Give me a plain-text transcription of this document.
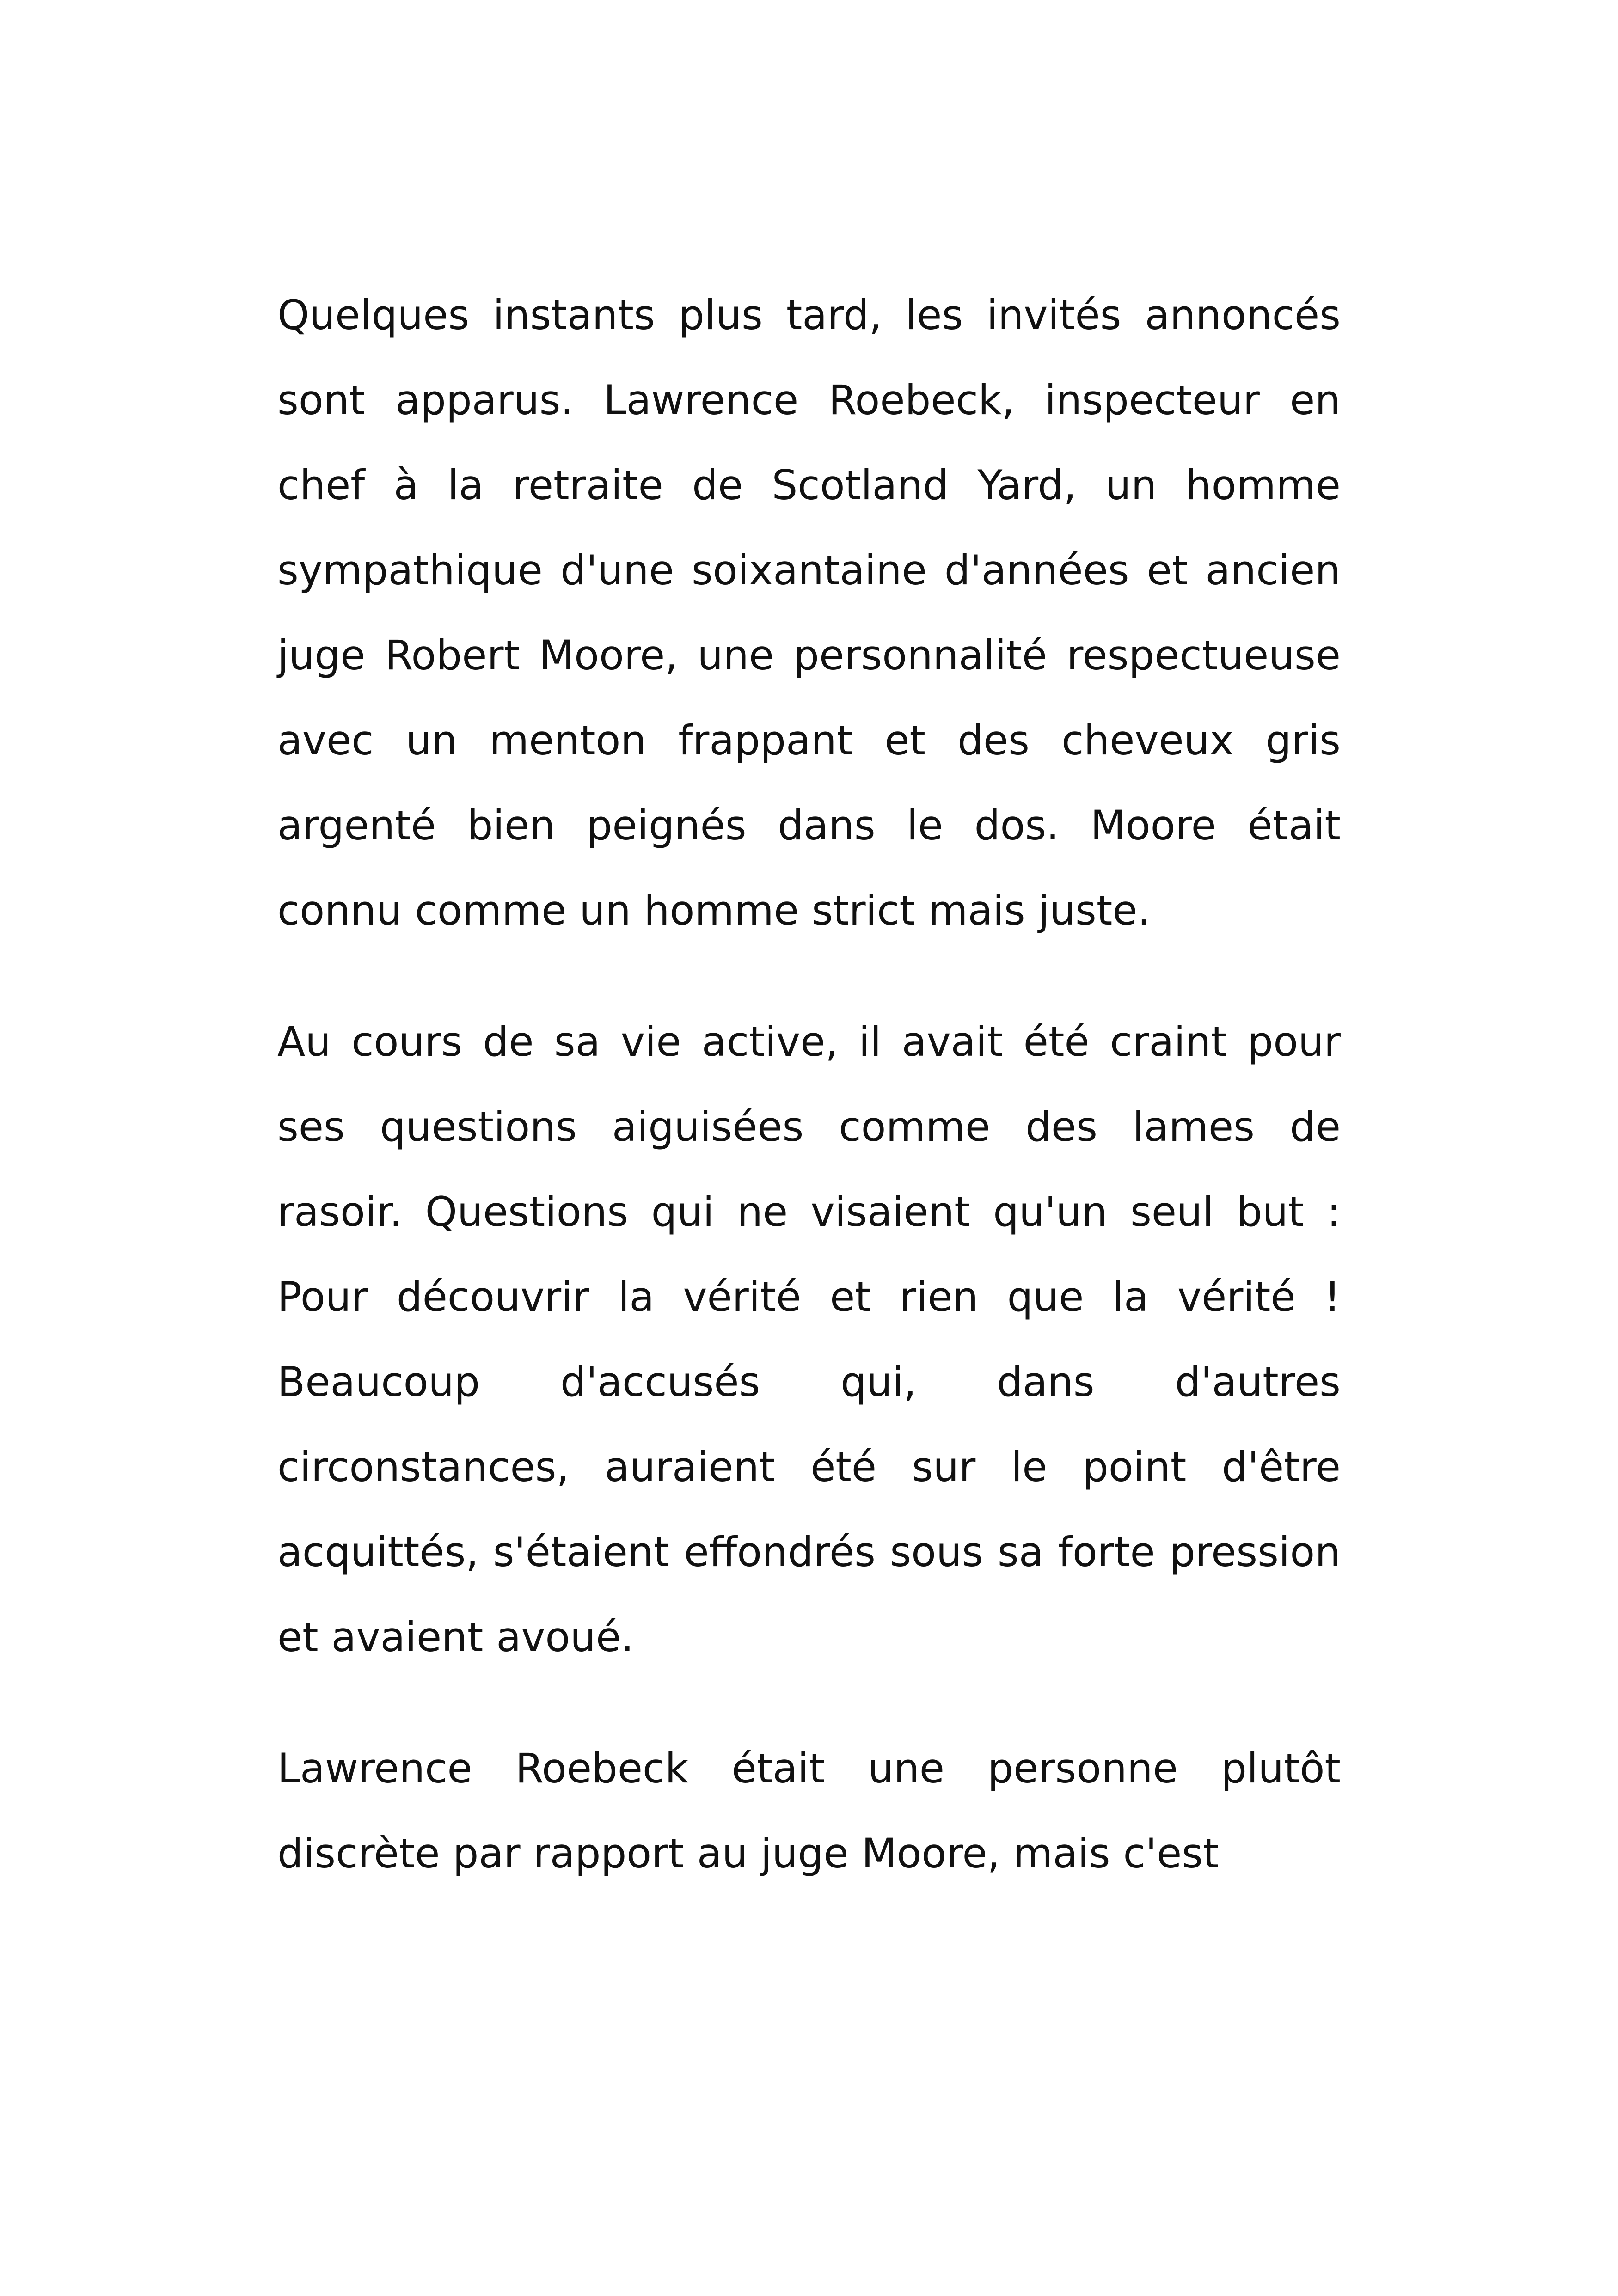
Quelques instants plus tard, les invités annoncés sont apparus. Lawrence Roebeck, inspecteur en chef à la retraite de Scotland Yard, un homme sympathique d'une soixantaine d'années et ancien juge Robert Moore, une personnalité respectueuse avec un menton frappant et des cheveux gris argenté bien peignés dans le dos. Moore était connu comme un homme strict mais juste.

Au cours de sa vie active, il avait été craint pour ses questions aiguisées comme des lames de rasoir. Questions qui ne visaient qu'un seul but : Pour découvrir la vérité et rien que la vérité ! Beaucoup d'accusés qui, dans d'autres circonstances, auraient été sur le point d'être acquittés, s'étaient effondrés sous sa forte pression et avaient avoué.

Lawrence Roebeck était une personne plutôt discrète par rapport au juge Moore, mais c'est
